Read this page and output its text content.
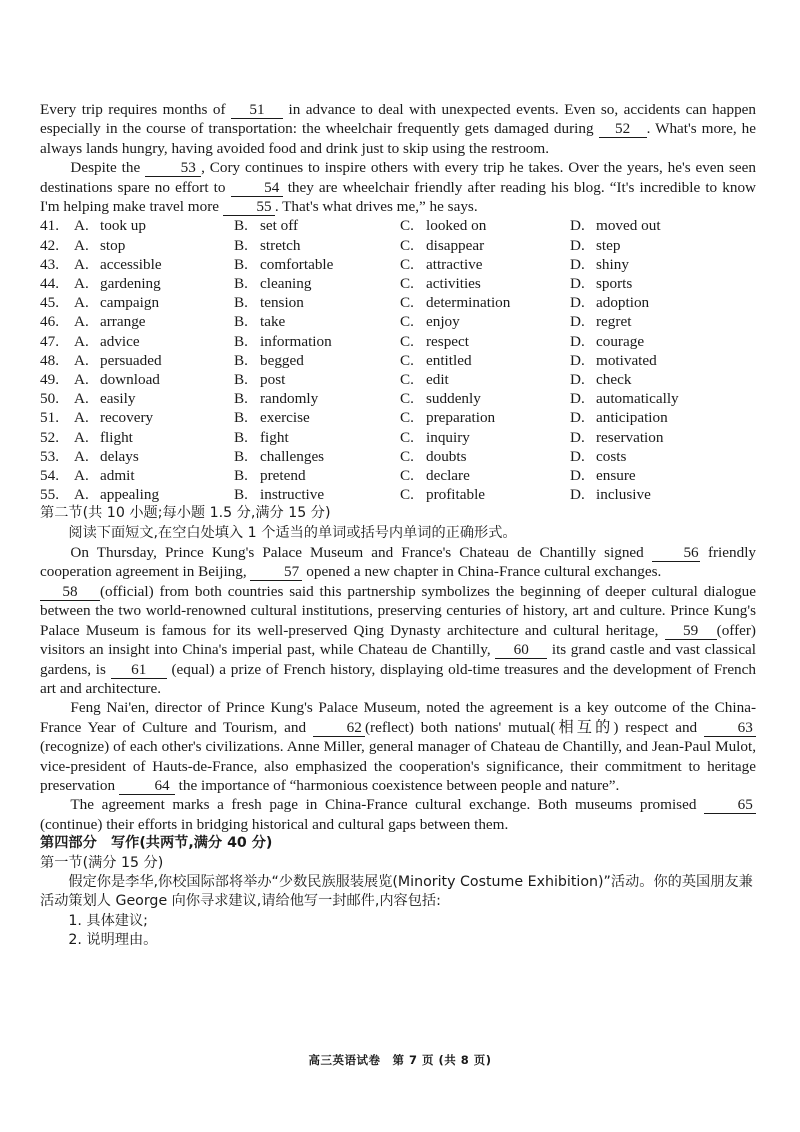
Every trip requires months of 51 in advance to deal with unexpected events. Even so, accidents can happen especially in the course of transportation: the wheelchair frequently gets damaged during 52 . What's more, he always lands hungry, having avoided food and drink just to skip using the restroom.

Despite the	53 , Cory continues to inspire others with every trip he takes. Over the years, he's even seen destinations spare no effort to	54 they are wheelchair friendly after reading his blog. “It's incredible to know I'm helping make travel more 55 . That's what drives me,” he says.

41. A. took up	B. set off	C. looked on	D. moved out
42. A. stop	B. stretch	C. disappear	D. step
43. A. accessible	B. comfortable	C. attractive	D. shiny
44. A. gardening	B. cleaning	C. activities	D. sports
45. A. campaign	B. tension	C. determination	D. adoption
46. A. arrange	B. take	C. enjoy	D. regret
47. A. advice	B. information	C. respect	D. courage
48. A. persuaded	B. begged	C. entitled	D. motivated
49. A. download	B. post	C. edit	D. check
50. A. easily	B. randomly	C. suddenly	D. automatically
51. A. recovery	B. exercise	C. preparation	D. anticipation
52. A. flight	B. fight	C. inquiry	D. reservation
53. A. delays	B. challenges	C. doubts	D. costs
54. A. admit	B. pretend	C. declare	D. ensure
55. A. appealing	B. instructive	C. profitable	D. inclusive

第二节(共 10 小题;每小题 1.5 分,满分 15 分)

阅读下面短文,在空白处填入 1 个适当的单词或括号内单词的正确形式。

On Thursday, Prince Kung's Palace Museum and France's Chateau de Chantilly signed	56 friendly cooperation agreement in Beijing, 57 opened a new chapter in China-France cultural exchanges.

58 (official) from both countries said this partnership symbolizes the beginning of deeper cultural dialogue between the two world-renowned cultural institutions, preserving centuries of history, art and culture. Prince Kung's Palace Museum is famous for its well-preserved Qing Dynasty architecture and cultural heritage, 59 (offer) visitors an insight into China's imperial past, while Chateau de Chantilly, 60 its grand castle and vast classical gardens, is 61 (equal) a prize of French history, displaying old-time treasures and the development of French art and architecture.

Feng Nai'en, director of Prince Kung's Palace Museum, noted the agreement is a key outcome of the China-France Year of Culture and Tourism, and	62 (reflect) both nations' mutual(相互的) respect and	63(recognize) of each other's civilizations. Anne Miller, general manager of Chateau de Chantilly, and Jean-Paul Mulot, vice-president of Hauts-de-France, also emphasized the cooperation's significance, their commitment to heritage preservation	64 the importance of “harmonious coexistence between people and nature”.

The agreement marks a fresh page in China-France cultural exchange. Both museums promised	65 (continue) their efforts in bridging historical and cultural gaps between them.

第四部分　写作(共两节,满分 40 分)

第一节(满分 15 分)

假定你是李华,你校国际部将举办“少数民族服装展览(Minority Costume Exhibition)”活动。你的英国朋友兼活动策划人 George 向你寻求建议,请给他写一封邮件,内容包括:

1. 具体建议;

2. 说明理由。

高三英语试卷　第 7 页 (共 8 页)
